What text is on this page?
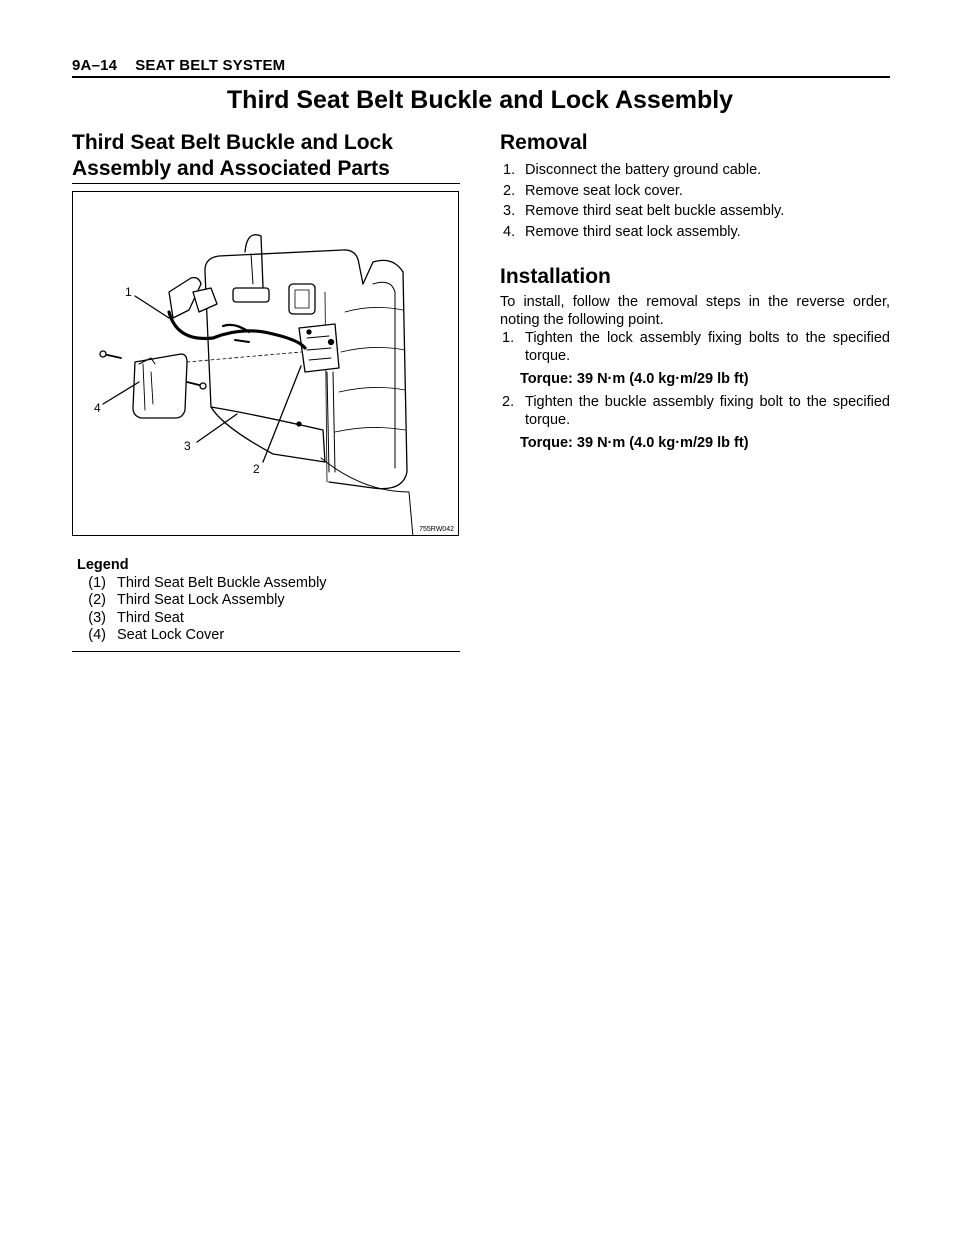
9A–14 SEAT BELT SYSTEM
Third Seat Belt Buckle and Lock Assembly
Third Seat Belt Buckle and Lock Assembly and Associated Parts
1
4
3
2
755RW042
Legend
(1) Third Seat Belt Buckle Assembly
(2) Third Seat Lock Assembly
(3) Third Seat
(4) Seat Lock Cover
Removal
1. Disconnect the battery ground cable.
2. Remove seat lock cover.
3. Remove third seat belt buckle assembly.
4. Remove third seat lock assembly.
Installation
To install, follow the removal steps in the reverse order, noting the following point.
1. Tighten the lock assembly fixing bolts to the specified torque.
Torque: 39 N·m (4.0 kg·m/29 lb ft)
2. Tighten the buckle assembly fixing bolt to the specified torque.
Torque: 39 N·m (4.0 kg·m/29 lb ft)
